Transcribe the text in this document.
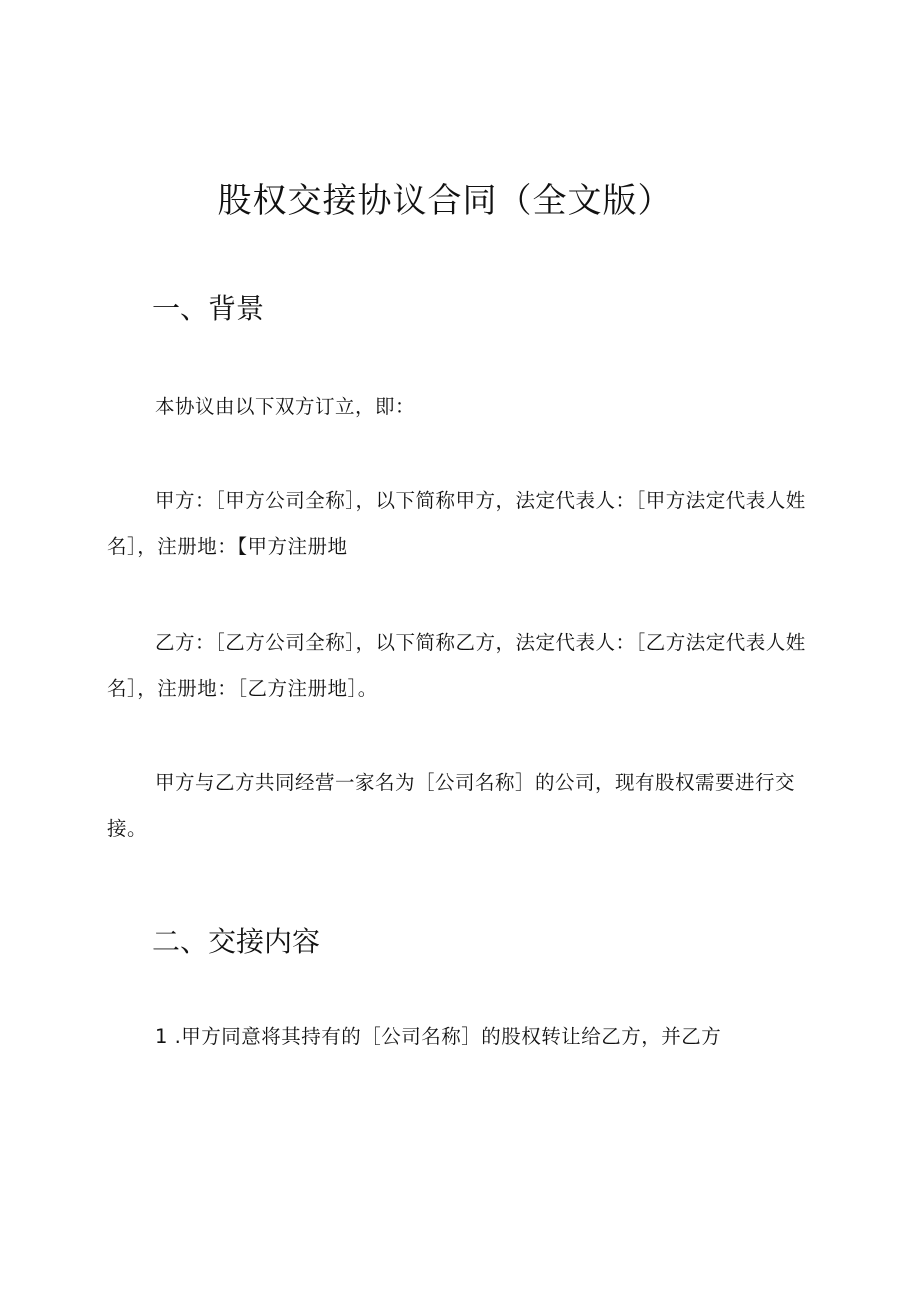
股权交接协议合同（全文版）
一、背景
本协议由以下双方订立，即：
甲方：［甲方公司全称］，以下简称甲方，法定代表人：［甲方法定代表人姓名］，注册地：【甲方注册地
乙方：［乙方公司全称］，以下简称乙方，法定代表人：［乙方法定代表人姓名］，注册地：［乙方注册地］。
甲方与乙方共同经营一家名为［公司名称］的公司，现有股权需要进行交接。
二、交接内容
1 .甲方同意将其持有的［公司名称］的股权转让给乙方，并乙方
